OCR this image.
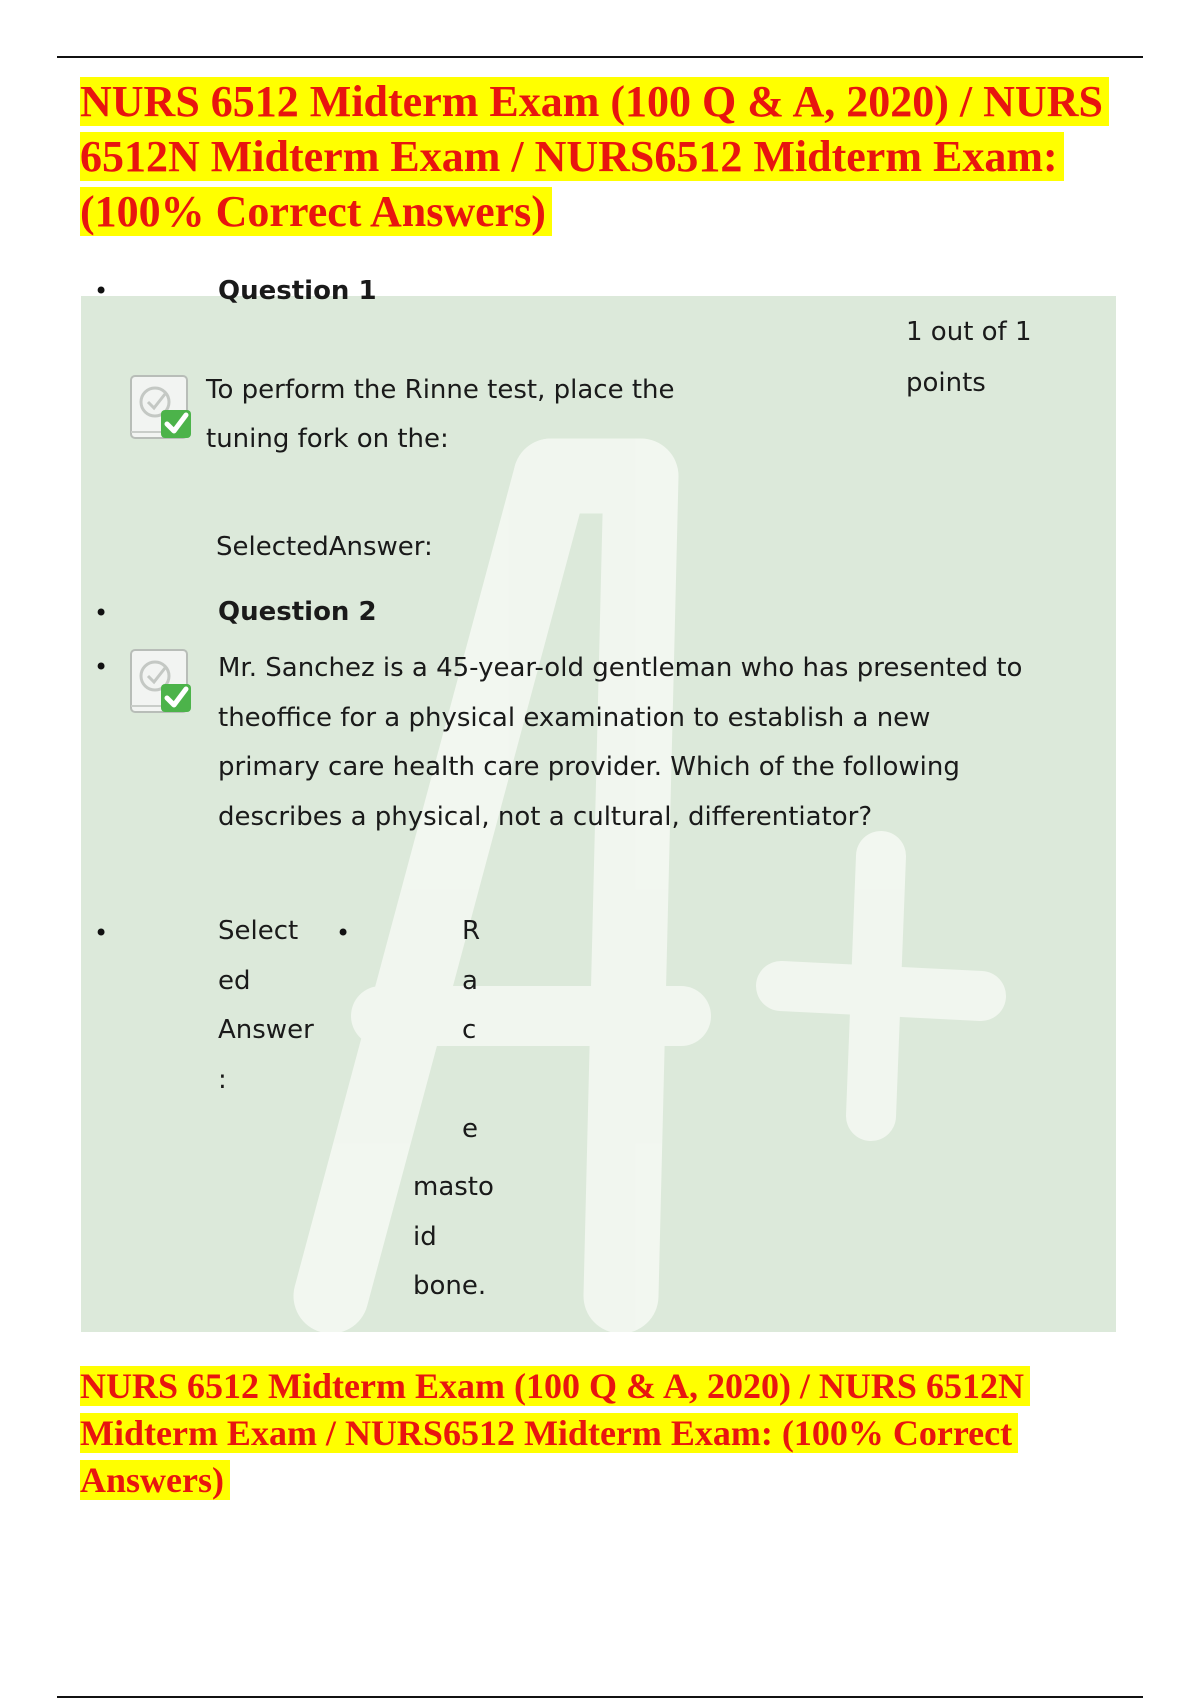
NURS 6512 Midterm Exam (100 Q & A, 2020) / NURS 6512N Midterm Exam / NURS6512 Midterm Exam: (100% Correct Answers)
•	Question 1

1 out of 1 points

To perform the Rinne test, place the tuning fork on the:

SelectedAnswer:

•	Question 2

•	Mr. Sanchez is a 45-year-old gentleman who has presented to theoffice for a physical examination to establish a new primary care health care provider. Which of the following describes a physical, not a cultural, differentiator?

•	Select
ed
Answer
:
•	R
a
c
e
masto
id
bone.
NURS 6512 Midterm Exam (100 Q & A, 2020) / NURS 6512N Midterm Exam / NURS6512 Midterm Exam: (100% Correct Answers)
